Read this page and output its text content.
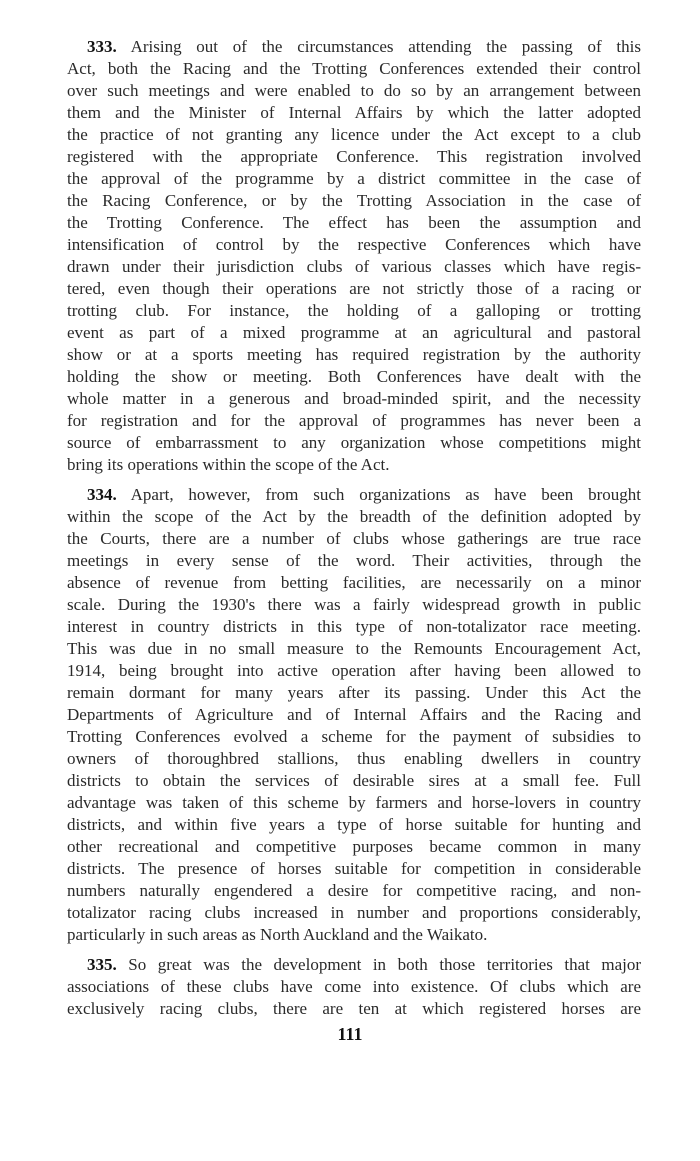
333. Arising out of the circumstances attending the passing of this
Act, both the Racing and the Trotting Conferences extended their control
over such meetings and were enabled to do so by an arrangement between
them and the Minister of Internal Affairs by which the latter adopted
the practice of not granting any licence under the Act except to a club
registered with the appropriate Conference. This registration involved
the approval of the programme by a district committee in the case of
the Racing Conference, or by the Trotting Association in the case of
the Trotting Conference. The effect has been the assumption and
intensification of control by the respective Conferences which have
drawn under their jurisdiction clubs of various classes which have regis-
tered, even though their operations are not strictly those of a racing or
trotting club. For instance, the holding of a galloping or trotting
event as part of a mixed programme at an agricultural and pastoral
show or at a sports meeting has required registration by the authority
holding the show or meeting. Both Conferences have dealt with the
whole matter in a generous and broad-minded spirit, and the necessity
for registration and for the approval of programmes has never been a
source of embarrassment to any organization whose competitions might
bring its operations within the scope of the Act.
334. Apart, however, from such organizations as have been brought
within the scope of the Act by the breadth of the definition adopted by
the Courts, there are a number of clubs whose gatherings are true race
meetings in every sense of the word. Their activities, through the
absence of revenue from betting facilities, are necessarily on a minor
scale. During the 1930's there was a fairly widespread growth in public
interest in country districts in this type of non-totalizator race meeting.
This was due in no small measure to the Remounts Encouragement Act,
1914, being brought into active operation after having been allowed to
remain dormant for many years after its passing. Under this Act the
Departments of Agriculture and of Internal Affairs and the Racing and
Trotting Conferences evolved a scheme for the payment of subsidies to
owners of thoroughbred stallions, thus enabling dwellers in country
districts to obtain the services of desirable sires at a small fee. Full
advantage was taken of this scheme by farmers and horse-lovers in country
districts, and within five years a type of horse suitable for hunting and
other recreational and competitive purposes became common in many
districts. The presence of horses suitable for competition in considerable
numbers naturally engendered a desire for competitive racing, and non-
totalizator racing clubs increased in number and proportions considerably,
particularly in such areas as North Auckland and the Waikato.
335. So great was the development in both those territories that major
associations of these clubs have come into existence. Of clubs which are
exclusively racing clubs, there are ten at which registered horses are
111
